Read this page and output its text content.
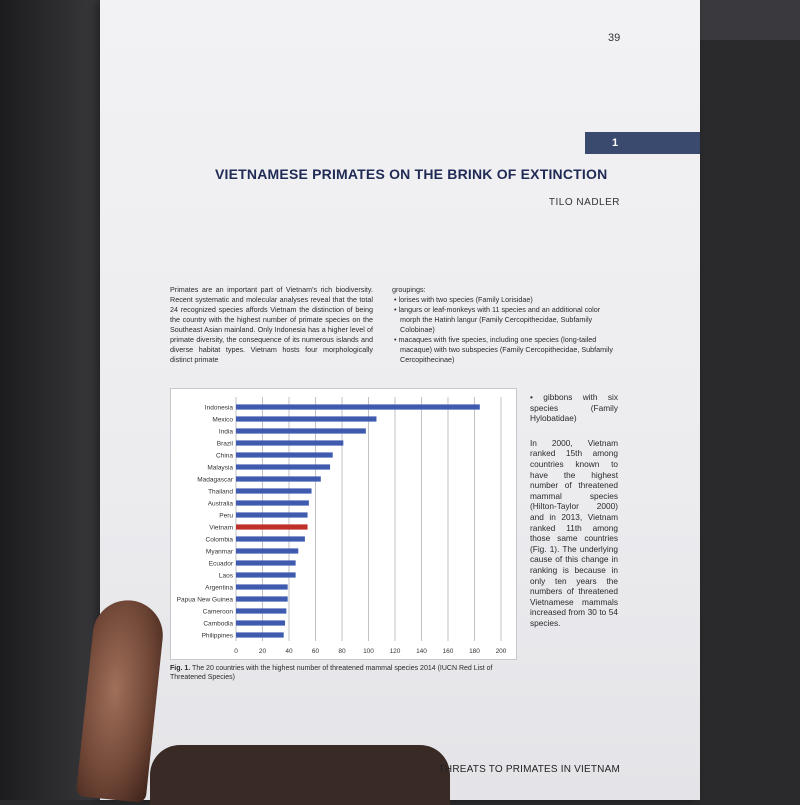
39
1
VIETNAMESE PRIMATES ON THE BRINK OF EXTINCTION
TILO NADLER
Primates are an important part of Vietnam's rich biodiversity. Recent systematic and molecular analyses reveal that the total 24 recognized species affords Vietnam the distinction of being the country with the highest number of primate species on the Southeast Asian mainland. Only Indonesia has a higher level of primate diversity, the consequence of its numerous islands and diverse habitat types. Vietnam hosts four morphologically distinct primate
groupings:
• lorises with two species (Family Lorisidae)
• langurs or leaf-monkeys with 11 species and an additional color morph the Hatinh langur (Family Cercopithecidae, Subfamily Colobinae)
• macaques with five species, including one species (long-tailed macaque) with two subspecies (Family Cercopithecidae, Subfamily Cercopithecinae)
• gibbons with six species (Family Hylobatidae)
In 2000, Vietnam ranked 15th among countries known to have the highest number of threatened mammal species (Hilton-Taylor 2000) and in 2013, Vietnam ranked 11th among those same countries (Fig. 1). The underlying cause of this change in ranking is because in only ten years the numbers of threatened Vietnamese mammals increased from 30 to 54 species.
0	20	40	60	80	100 120 140 160 180 200
Indonesia
Mexico
India
Brazil
China
Malaysia
Madagascar
Thailand
Australia
Peru
Vietnam
Colombia
Myanmar
Ecuador
Laos
Argentina
Papua New Guinea
Cameroon
Cambodia
Philippines
Fig. 1. The 20 countries with the highest number of threatened mammal species 2014 (IUCN Red List of Threatened Species)
THREATS TO PRIMATES IN VIETNAM
